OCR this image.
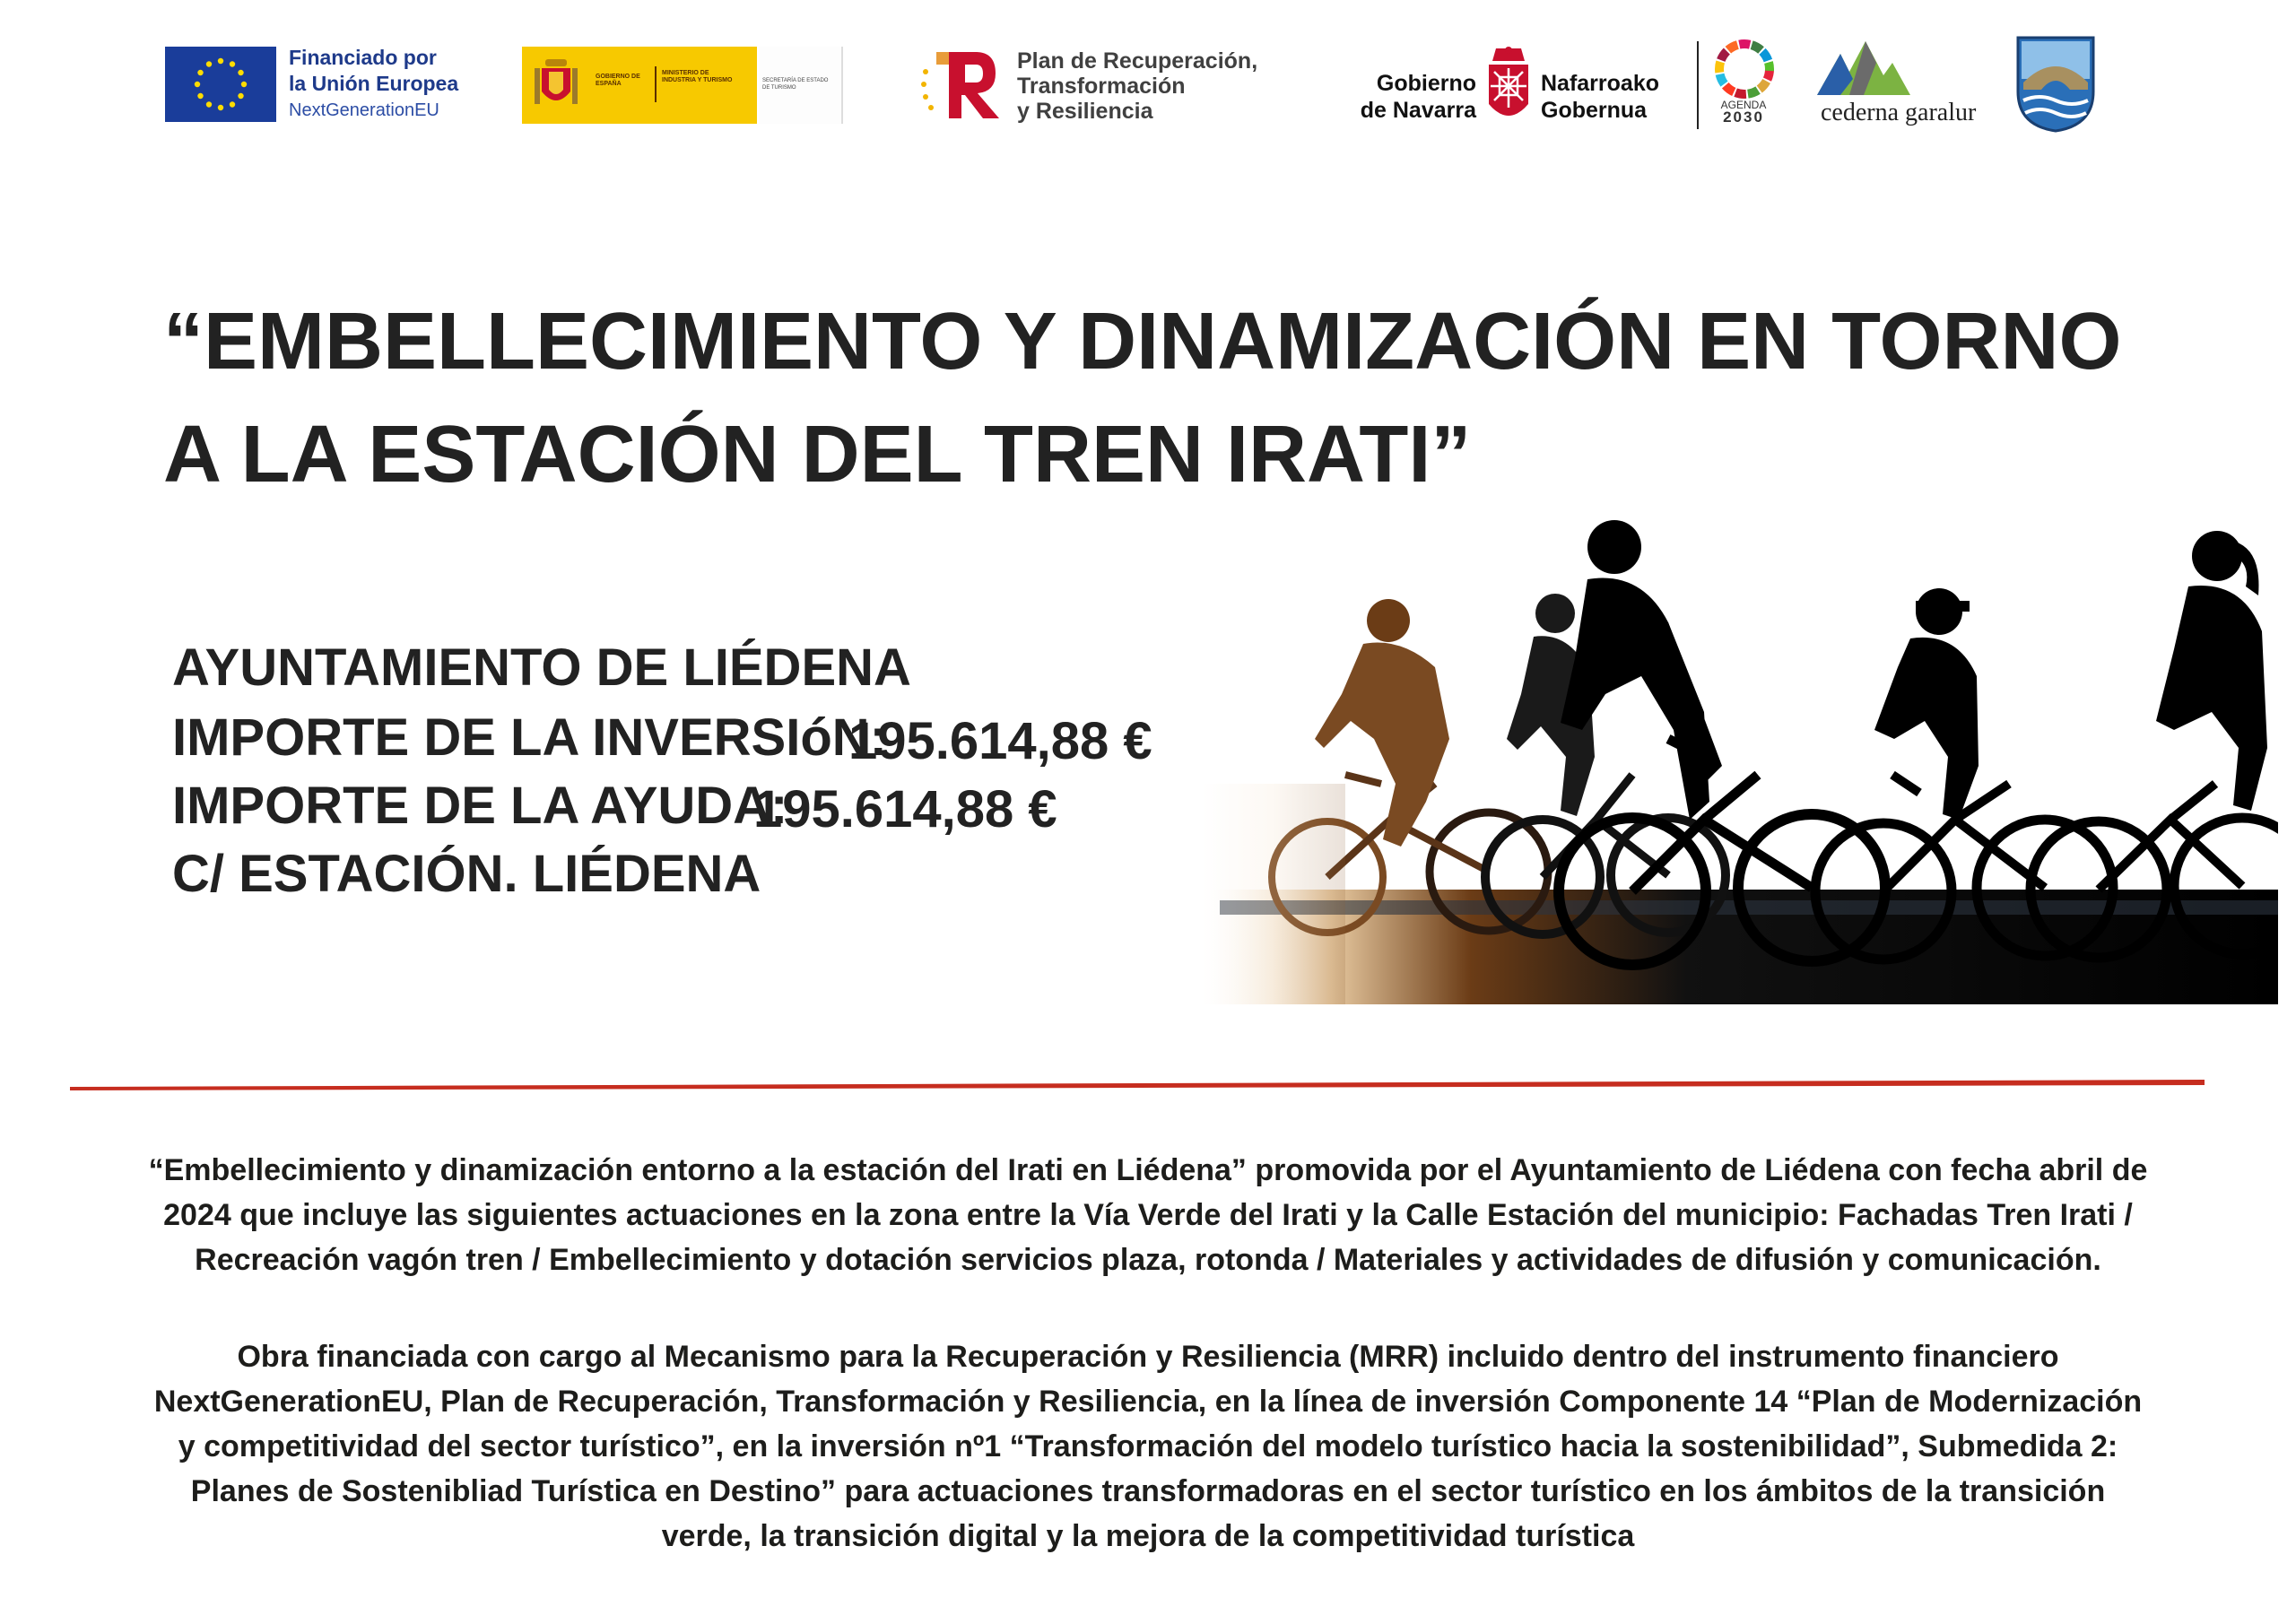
Financiado por
la Unión Europea
NextGenerationEU
GOBIERNO DE ESPAÑA
MINISTERIO DE INDUSTRIA Y TURISMO	SECRETARÍA DE ESTADO DE TURISMO
Plan de Recuperación,
Transformación
y Resiliencia
Gobierno
de Navarra
Nafarroako
Gobernua	AGENDA
2030	cederna garalur
“EMBELLECIMIENTO Y DINAMIZACIÓN EN TORNO
A LA ESTACIÓN DEL TREN IRATI”
AYUNTAMIENTO DE LIÉDENA
IMPORTE DE LA INVERSIóN:
195.614,88 €
IMPORTE DE LA AYUDA:
195.614,88 €
C/ ESTACIÓN. LIÉDENA
“Embellecimiento y dinamización entorno a la estación del Irati en Liédena” promovida por el Ayuntamiento de Liédena con fecha abril de
2024 que incluye las siguientes actuaciones en la zona entre la Vía Verde del Irati y la Calle Estación del municipio: Fachadas Tren Irati /
Recreación vagón tren / Embellecimiento y dotación servicios plaza, rotonda / Materiales y actividades de difusión y comunicación.
Obra financiada con cargo al Mecanismo para la Recuperación y Resiliencia (MRR) incluido dentro del instrumento financiero
NextGenerationEU, Plan de Recuperación, Transformación y Resiliencia, en la línea de inversión Componente 14 “Plan de Modernización
y competitividad del sector turístico”, en la inversión nº1 “Transformación del modelo turístico hacia la sostenibilidad”, Submedida 2:
Planes de Sostenibliad Turística en Destino” para actuaciones transformadoras en el sector turístico en los ámbitos de la transición
verde, la transición digital y la mejora de la competitividad turística
